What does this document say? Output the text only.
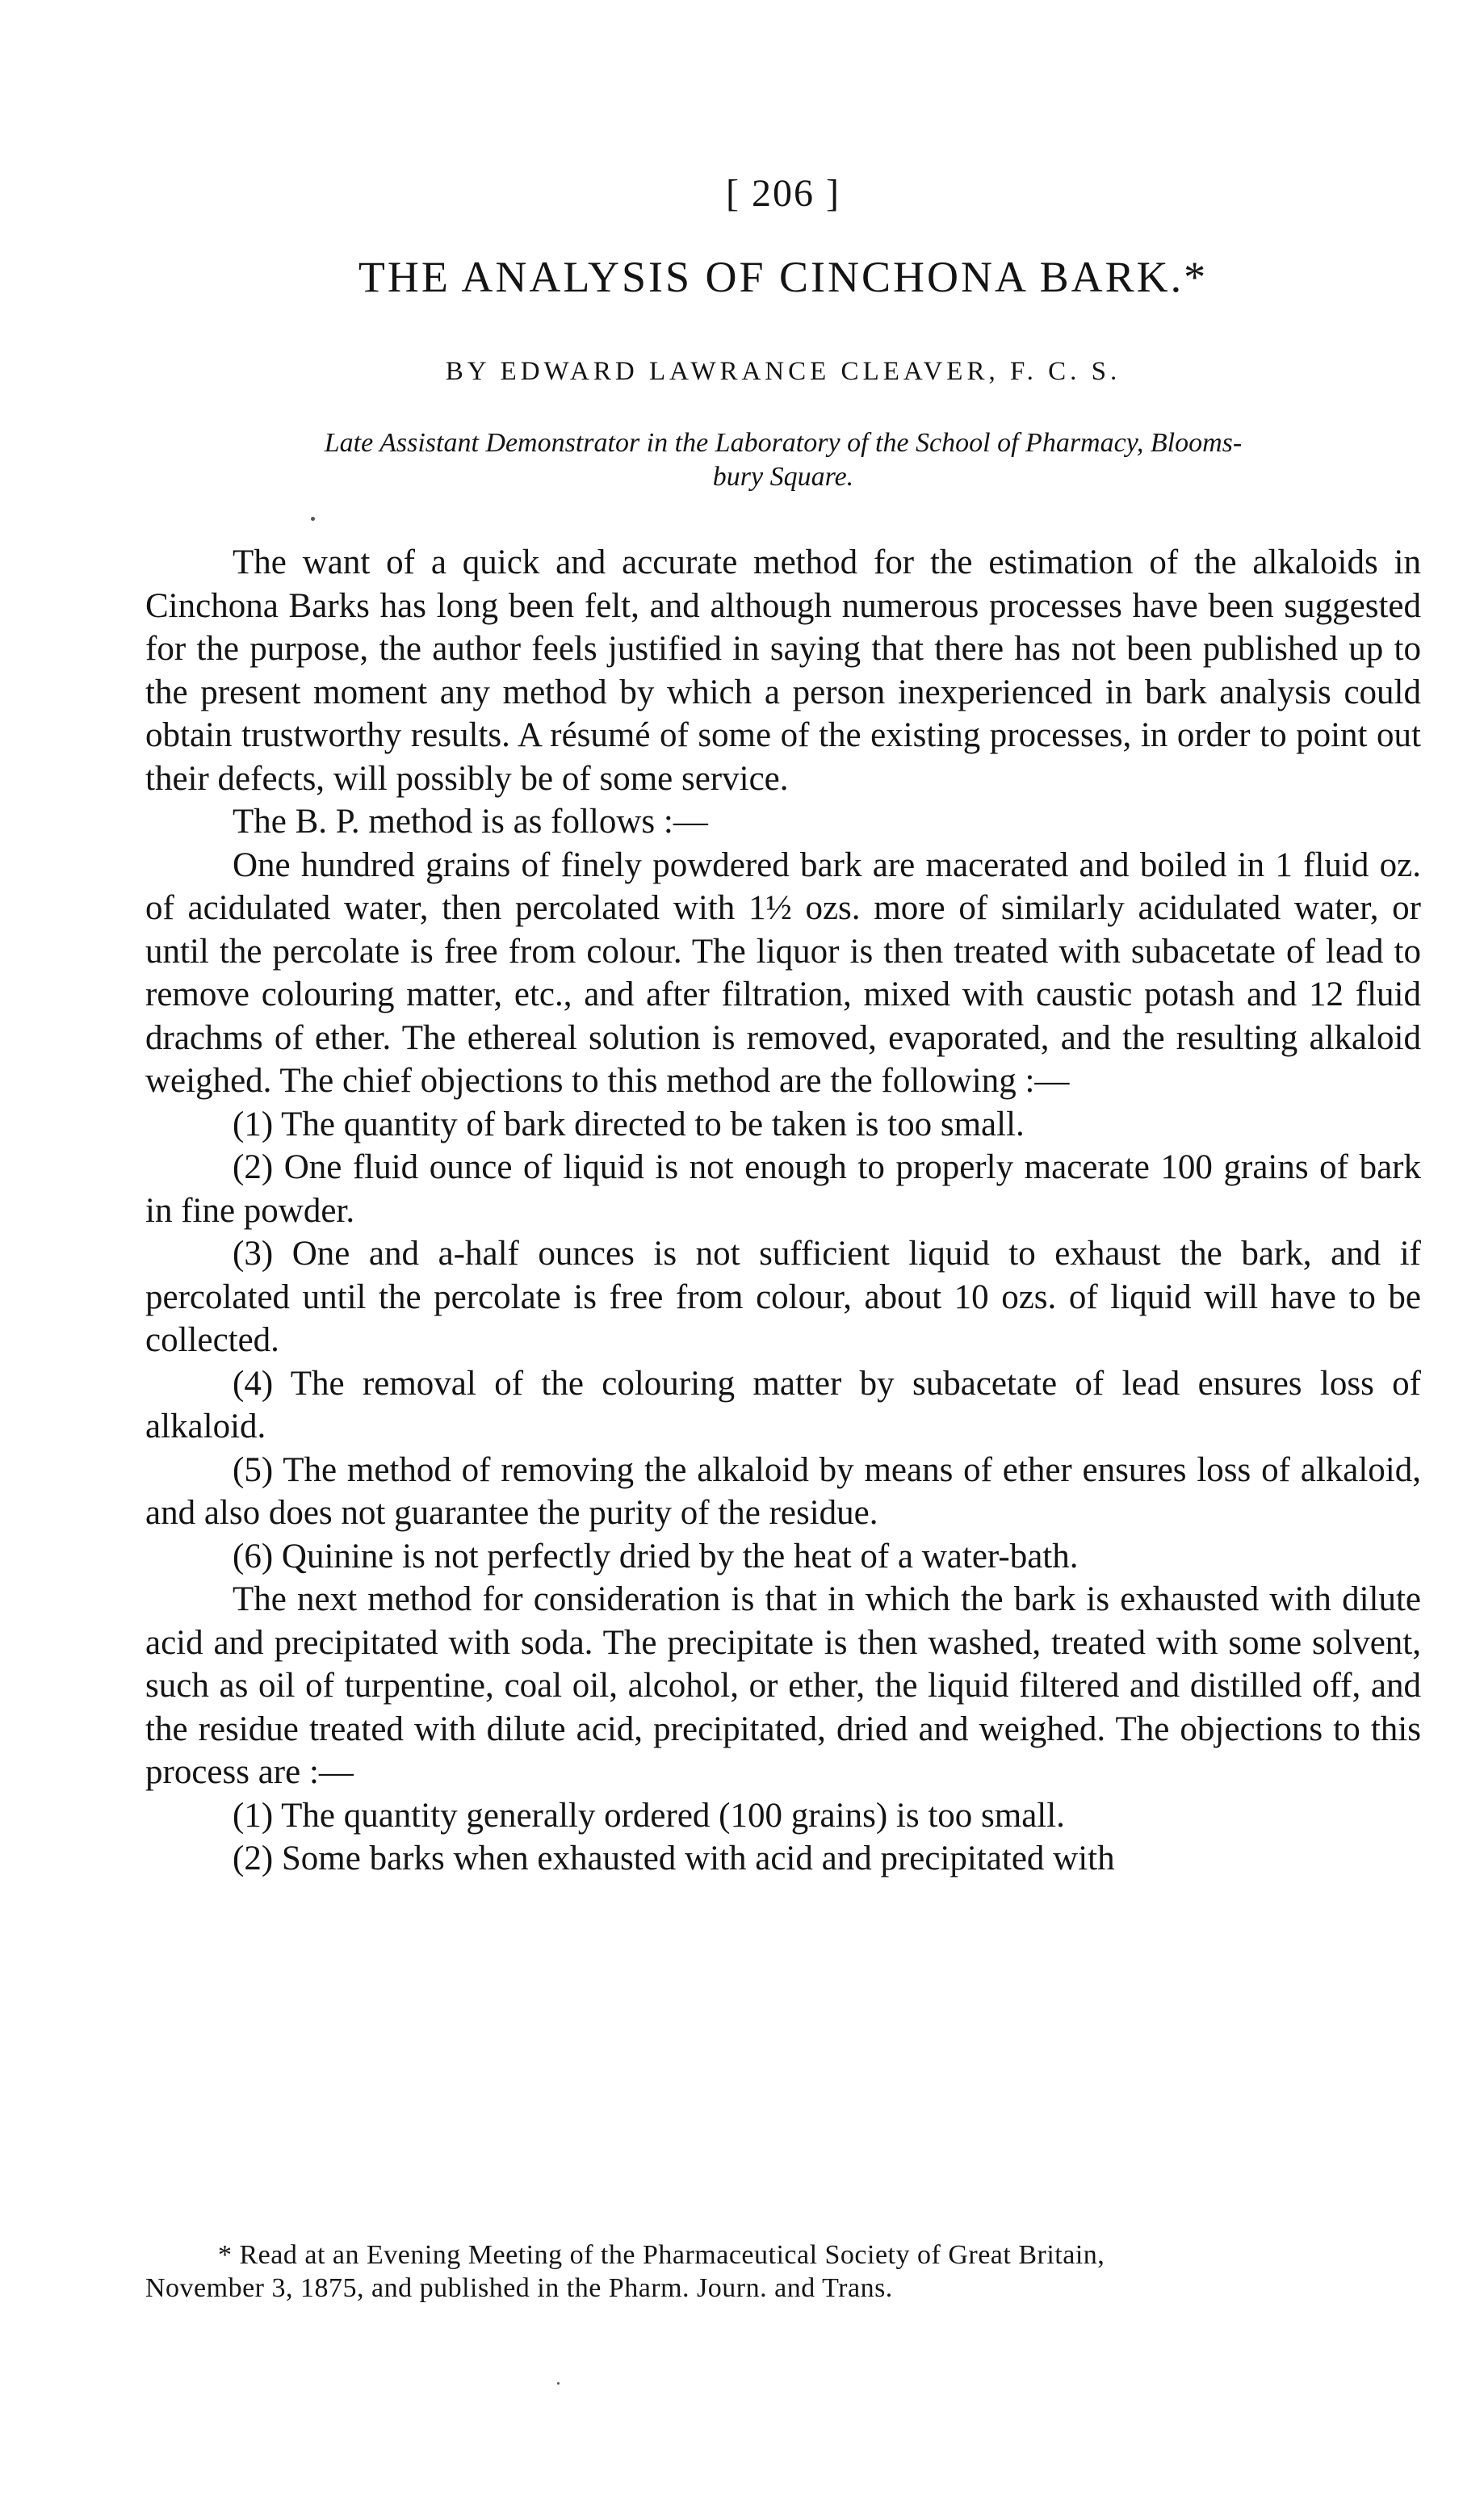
[ 206 ]
THE ANALYSIS OF CINCHONA BARK.*
BY EDWARD LAWRANCE CLEAVER, F. C. S.
Late Assistant Demonstrator in the Laboratory of the School of Pharmacy, Blooms-
bury Square.

The want of a quick and accurate method for the estimation of the alkaloids in Cinchona Barks has long been felt, and although numerous processes have been suggested for the purpose, the author feels justified in saying that there has not been published up to the present moment any method by which a person inexperienced in bark analysis could obtain trustworthy results. A résumé of some of the existing processes, in order to point out their defects, will possibly be of some service.

The B. P. method is as follows :—

One hundred grains of finely powdered bark are macerated and boiled in 1 fluid oz. of acidulated water, then percolated with 1½ ozs. more of similarly acidulated water, or until the percolate is free from colour. The liquor is then treated with subacetate of lead to remove colouring matter, etc., and after filtration, mixed with caustic potash and 12 fluid drachms of ether. The ethereal solution is removed, evaporated, and the resulting alkaloid weighed. The chief objections to this method are the following :—

(1) The quantity of bark directed to be taken is too small.

(2) One fluid ounce of liquid is not enough to properly macerate 100 grains of bark in fine powder.

(3) One and a-half ounces is not sufficient liquid to exhaust the bark, and if percolated until the percolate is free from colour, about 10 ozs. of liquid will have to be collected.

(4) The removal of the colouring matter by subacetate of lead ensures loss of alkaloid.

(5) The method of removing the alkaloid by means of ether ensures loss of alkaloid, and also does not guarantee the purity of the residue.

(6) Quinine is not perfectly dried by the heat of a water-bath.

The next method for consideration is that in which the bark is exhausted with dilute acid and precipitated with soda. The precipitate is then washed, treated with some solvent, such as oil of turpentine, coal oil, alcohol, or ether, the liquid filtered and distilled off, and the residue treated with dilute acid, precipitated, dried and weighed. The objections to this process are :—

(1) The quantity generally ordered (100 grains) is too small.

(2) Some barks when exhausted with acid and precipitated with

* Read at an Evening Meeting of the Pharmaceutical Society of Great Britain,

November 3, 1875, and published in the Pharm. Journ. and Trans.
